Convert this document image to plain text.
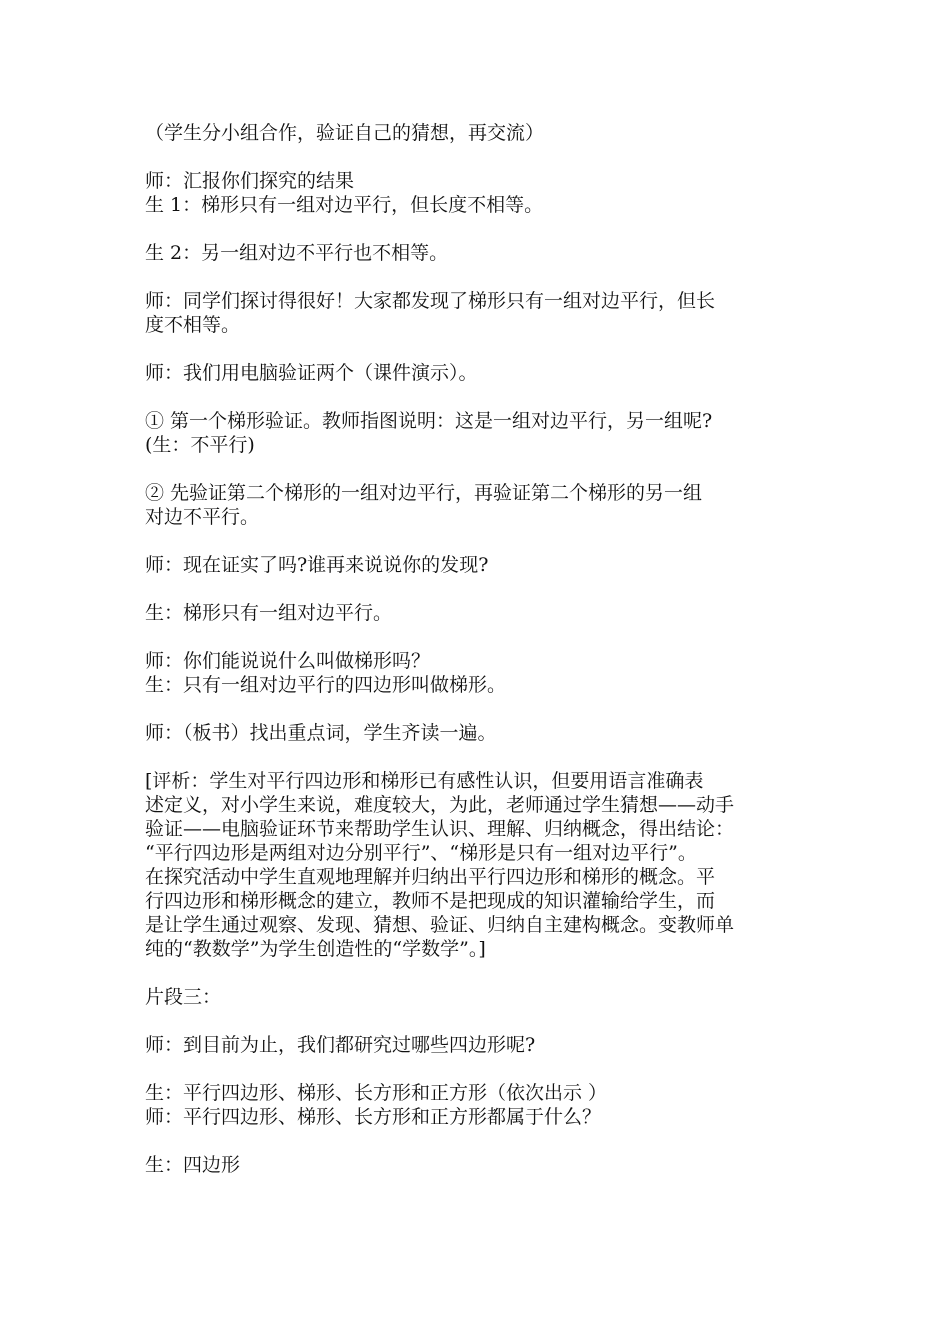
（学生分小组合作，验证自己的猜想，再交流）
师：汇报你们探究的结果
生 1：梯形只有一组对边平行，但长度不相等。
生 2：另一组对边不平行也不相等。
师：同学们探讨得很好！大家都发现了梯形只有一组对边平行，但长
度不相等。
师：我们用电脑验证两个（课件演示）。
① 第一个梯形验证。教师指图说明：这是一组对边平行，另一组呢?
(生：不平行)
② 先验证第二个梯形的一组对边平行，再验证第二个梯形的另一组
对边不平行。
师：现在证实了吗?谁再来说说你的发现?
生：梯形只有一组对边平行。
师：你们能说说什么叫做梯形吗？
生：只有一组对边平行的四边形叫做梯形。
师：（板书）找出重点词，学生齐读一遍。
[评析：学生对平行四边形和梯形已有感性认识，但要用语言准确表
述定义，对小学生来说，难度较大，为此，老师通过学生猜想——动手
验证——电脑验证环节来帮助学生认识、理解、归纳概念，得出结论：
“平行四边形是两组对边分别平行”、“梯形是只有一组对边平行”。
在探究活动中学生直观地理解并归纳出平行四边形和梯形的概念。平
行四边形和梯形概念的建立，教师不是把现成的知识灌输给学生，而
是让学生通过观察、发现、猜想、验证、归纳自主建构概念。变教师单
纯的“教数学”为学生创造性的“学数学”。]
片段三：
师：到目前为止，我们都研究过哪些四边形呢?
生：平行四边形、梯形、长方形和正方形（依次出示 ）
师：平行四边形、梯形、长方形和正方形都属于什么？
生：四边形
